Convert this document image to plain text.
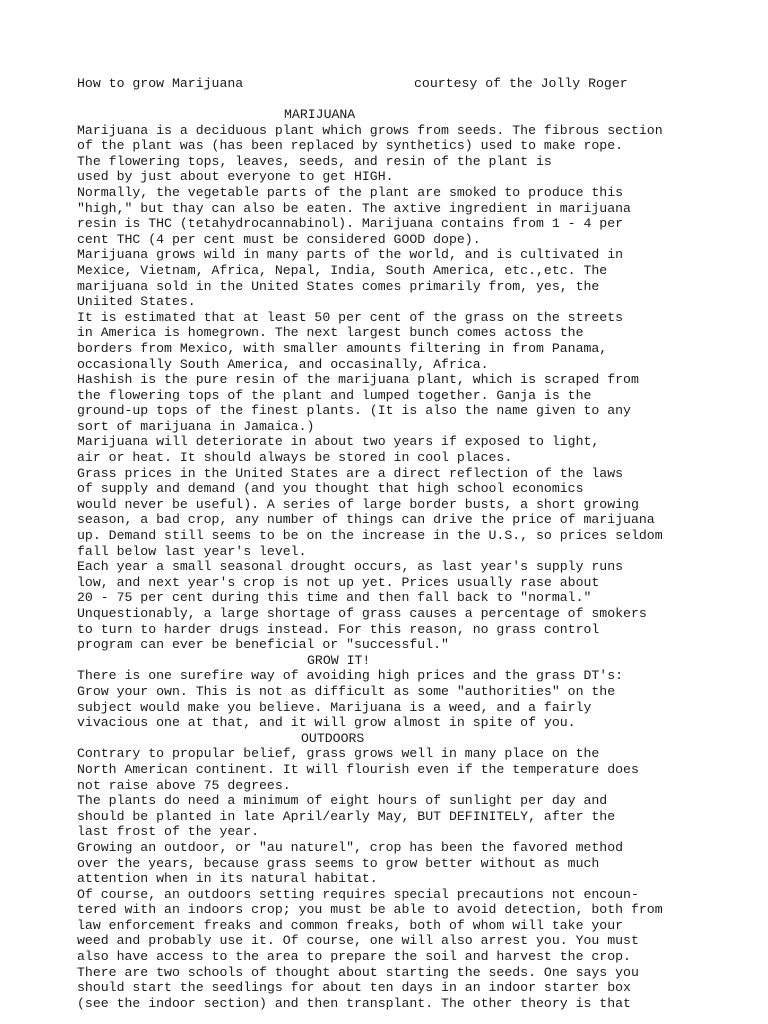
How to grow Marijuana	courtesy of the Jolly Roger
MARIJUANA
Marijuana is a deciduous plant which grows from seeds. The fibrous section
of the plant was (has been replaced by synthetics) used to make rope.
The flowering tops, leaves, seeds, and resin of the plant is
used by just about everyone to get HIGH.
Normally, the vegetable parts of the plant are smoked to produce this
"high," but thay can also be eaten. The axtive ingredient in marijuana
resin is THC (tetahydrocannabinol). Marijuana contains from 1 - 4 per
cent THC (4 per cent must be considered GOOD dope).
Marijuana grows wild in many parts of the world, and is cultivated in
Mexice, Vietnam, Africa, Nepal, India, South America, etc.,etc. The
marijuana sold in the United States comes primarily from, yes, the
Uniited States.
It is estimated that at least 50 per cent of the grass on the streets
in America is homegrown. The next largest bunch comes actoss the
borders from Mexico, with smaller amounts filtering in from Panama,
occasionally South America, and occasinally, Africa.
Hashish is the pure resin of the marijuana plant, which is scraped from
the flowering tops of the plant and lumped together. Ganja is the
ground-up tops of the finest plants. (It is also the name given to any
sort of marijuana in Jamaica.)
Marijuana will deteriorate in about two years if exposed to light,
air or heat. It should always be stored in cool places.
Grass prices in the United States are a direct reflection of the laws
of supply and demand (and you thought that high school economics
would never be useful). A series of large border busts, a short growing
season, a bad crop, any number of things can drive the price of marijuana
up. Demand still seems to be on the increase in the U.S., so prices seldom
fall below last year's level.
Each year a small seasonal drought occurs, as last year's supply runs
low, and next year's crop is not up yet. Prices usually rase about
20 - 75 per cent during this time and then fall back to "normal."
Unquestionably, a large shortage of grass causes a percentage of smokers
to turn to harder drugs instead. For this reason, no grass control
program can ever be beneficial or "successful."
GROW IT!
There is one surefire way of avoiding high prices and the grass DT's:
Grow your own. This is not as difficult as some "authorities" on the
subject would make you believe. Marijuana is a weed, and a fairly
vivacious one at that, and it will grow almost in spite of you.
OUTDOORS
Contrary to propular belief, grass grows well in many place on the
North American continent. It will flourish even if the temperature does
not raise above 75 degrees.
The plants do need a minimum of eight hours of sunlight per day and
should be planted in late April/early May, BUT DEFINITELY, after the
last frost of the year.
Growing an outdoor, or "au naturel", crop has been the favored method
over the years, because grass seems to grow better without as much
attention when in its natural habitat.
Of course, an outdoors setting requires special precautions not encoun-
tered with an indoors crop; you must be able to avoid detection, both from
law enforcement freaks and common freaks, both of whom will take your
weed and probably use it. Of course, one will also arrest you. You must
also have access to the area to prepare the soil and harvest the crop.
There are two schools of thought about starting the seeds. One says you
should start the seedlings for about ten days in an indoor starter box
(see the indoor section) and then transplant. The other theory is that
